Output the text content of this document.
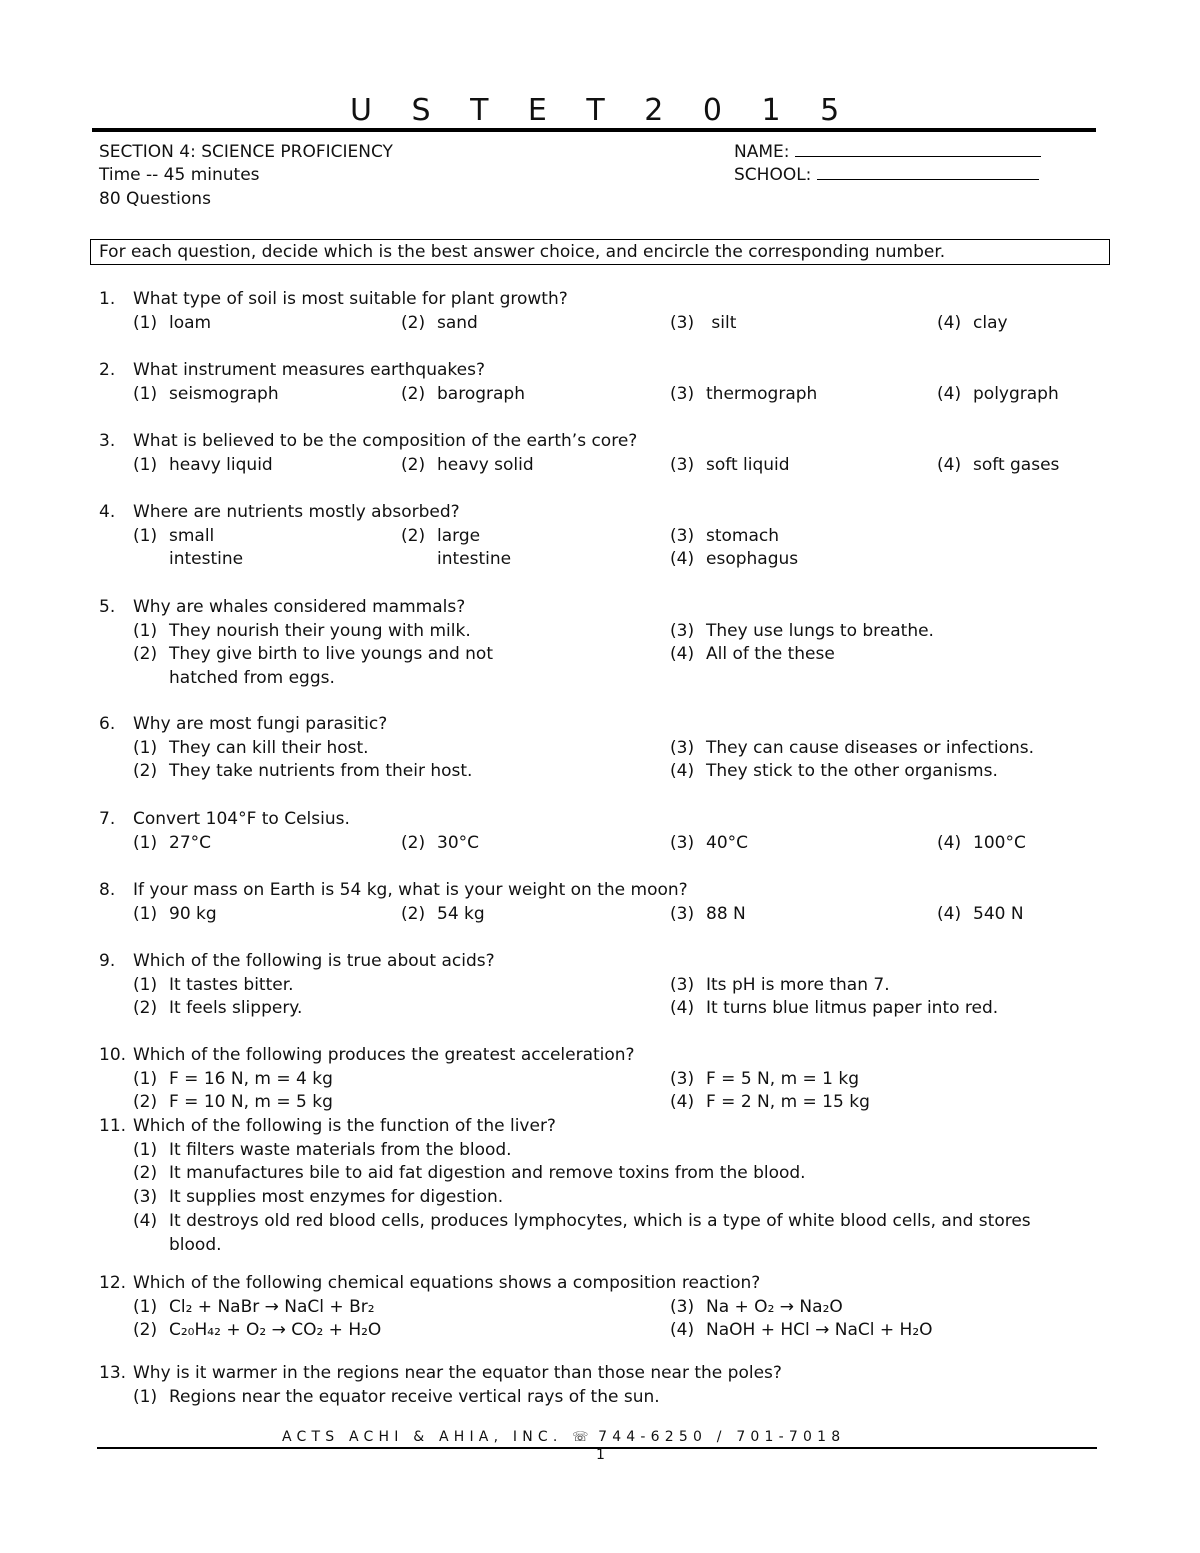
U S T E T 2 0 1 5
SECTION 4: SCIENCE PROFICIENCY
Time -- 45 minutes
80 Questions
NAME:
SCHOOL:
For each question, decide which is the best answer choice, and encircle the corresponding number.
1. What type of soil is most suitable for plant growth?
(1) loam	(2) sand	(3) silt	(4) clay
2. What instrument measures earthquakes?
(1) seismograph	(2) barograph	(3) thermograph	(4) polygraph
3. What is believed to be the composition of the earth’s core?
(1) heavy liquid	(2) heavy solid	(3) soft liquid	(4) soft gases
4. Where are nutrients mostly absorbed?
(1) small
intestine
(2) large
intestine
(3) stomach
(4) esophagus
5. Why are whales considered mammals?
(1) They nourish their young with milk.
(2) They give birth to live youngs and not
hatched from eggs.
(3) They use lungs to breathe.
(4) All of the these
6. Why are most fungi parasitic?
(1) They can kill their host.
(2) They take nutrients from their host.
(3) They can cause diseases or infections.
(4) They stick to the other organisms.
7. Convert 104°F to Celsius.
(1) 27°C	(2) 30°C	(3) 40°C	(4) 100°C
8. If your mass on Earth is 54 kg, what is your weight on the moon?
(1) 90 kg	(2) 54 kg	(3) 88 N	(4) 540 N
9. Which of the following is true about acids?
(1) It tastes bitter.
(2) It feels slippery.
(3) Its pH is more than 7.
(4) It turns blue litmus paper into red.
10. Which of the following produces the greatest acceleration?
(1) F = 16 N, m = 4 kg
(2) F = 10 N, m = 5 kg
(3) F = 5 N, m = 1 kg
(4) F = 2 N, m = 15 kg
11. Which of the following is the function of the liver?
(1) It filters waste materials from the blood.
(2) It manufactures bile to aid fat digestion and remove toxins from the blood.
(3) It supplies most enzymes for digestion.
(4) It destroys old red blood cells, produces lymphocytes, which is a type of white blood cells, and stores
blood.
12. Which of the following chemical equations shows a composition reaction?
(1) Cl₂ + NaBr → NaCl + Br₂
(2) C₂₀H₄₂ + O₂ → CO₂ + H₂O
(3) Na + O₂ → Na₂O
(4) NaOH + HCl → NaCl + H₂O
13. Why is it warmer in the regions near the equator than those near the poles?
(1) Regions near the equator receive vertical rays of the sun.
ACTS ACHI & AHIA, INC. ☏ 744-6250 / 701-7018
1
